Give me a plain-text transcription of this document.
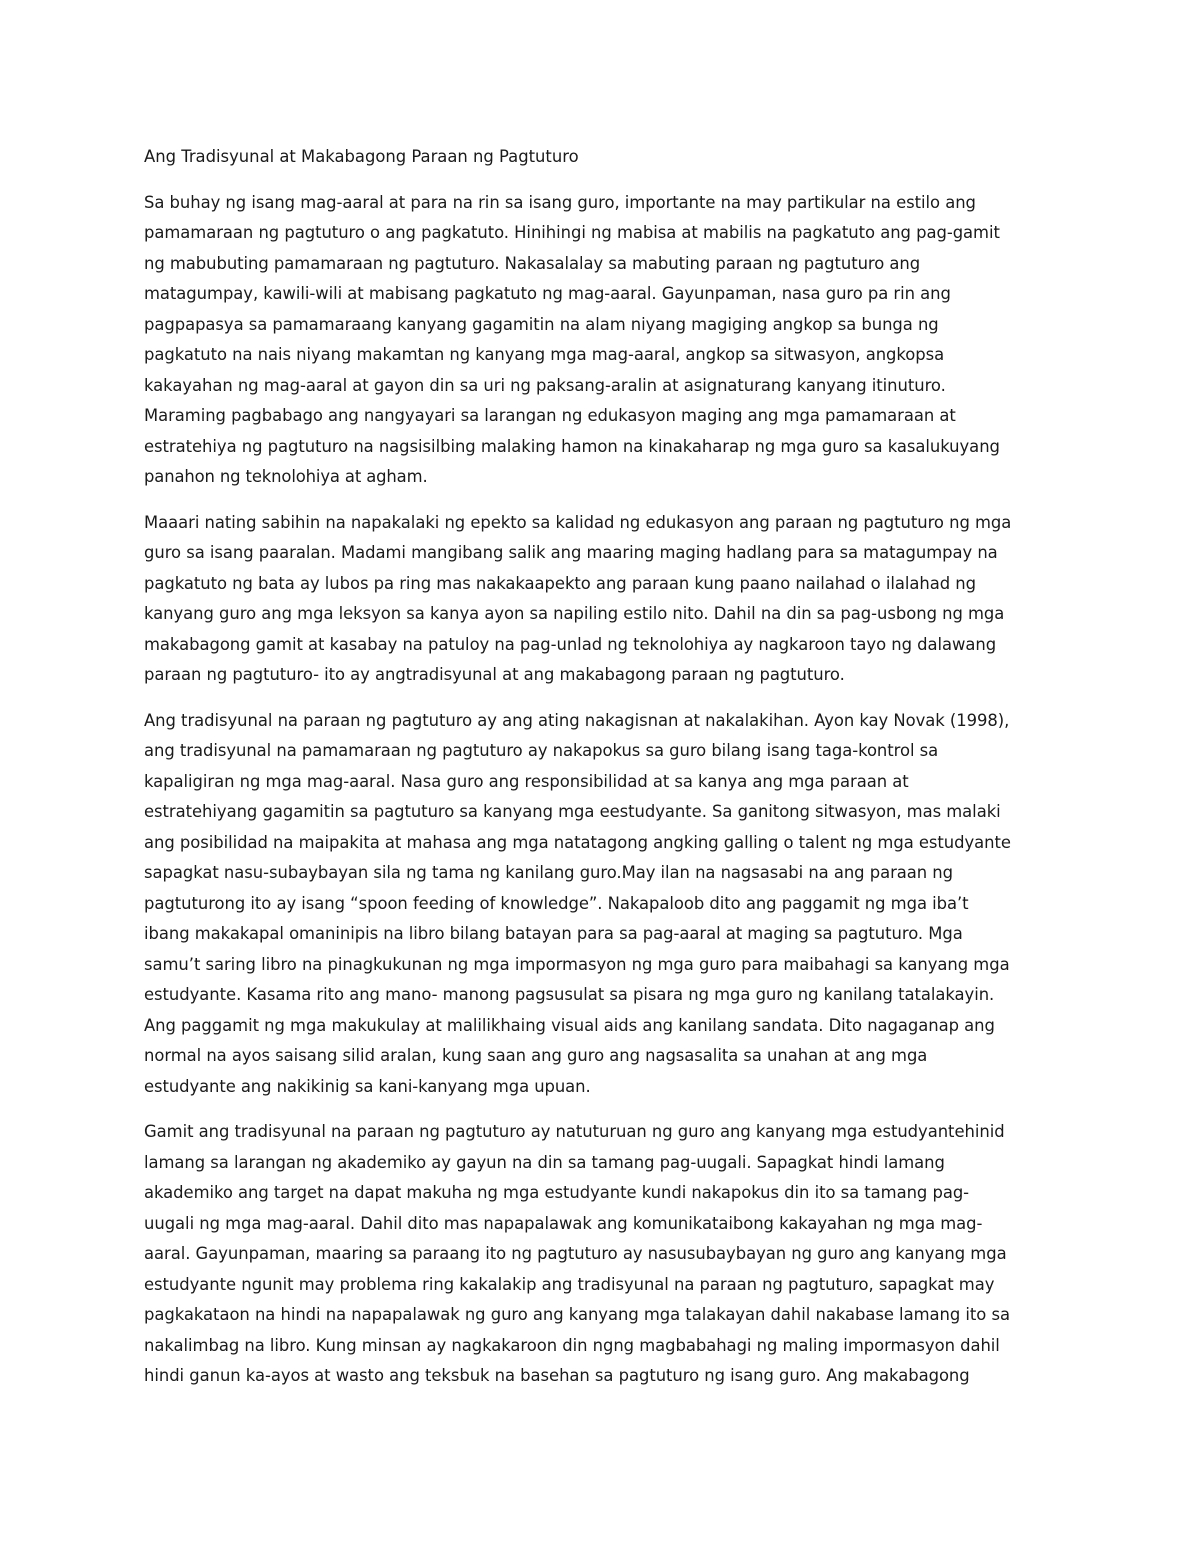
Ang Tradisyunal at Makabagong Paraan ng Pagtuturo
Sa buhay ng isang mag-aaral at para na rin sa isang guro, importante na may partikular na estilo ang
pamamaraan ng pagtuturo o ang pagkatuto. Hinihingi ng mabisa at mabilis na pagkatuto ang pag-gamit
ng mabubuting pamamaraan ng pagtuturo. Nakasalalay sa mabuting paraan ng pagtuturo ang
matagumpay, kawili-wili at mabisang pagkatuto ng mag-aaral. Gayunpaman, nasa guro pa rin ang
pagpapasya sa pamamaraang kanyang gagamitin na alam niyang magiging angkop sa bunga ng
pagkatuto na nais niyang makamtan ng kanyang mga mag-aaral, angkop sa sitwasyon, angkopsa
kakayahan ng mag-aaral at gayon din sa uri ng paksang-aralin at asignaturang kanyang itinuturo.
Maraming pagbabago ang nangyayari sa larangan ng edukasyon maging ang mga pamamaraan at
estratehiya ng pagtuturo na nagsisilbing malaking hamon na kinakaharap ng mga guro sa kasalukuyang
panahon ng teknolohiya at agham.
Maaari nating sabihin na napakalaki ng epekto sa kalidad ng edukasyon ang paraan ng pagtuturo ng mga
guro sa isang paaralan. Madami mangibang salik ang maaring maging hadlang para sa matagumpay na
pagkatuto ng bata ay lubos pa ring mas nakakaapekto ang paraan kung paano nailahad o ilalahad ng
kanyang guro ang mga leksyon sa kanya ayon sa napiling estilo nito. Dahil na din sa pag-usbong ng mga
makabagong gamit at kasabay na patuloy na pag-unlad ng teknolohiya ay nagkaroon tayo ng dalawang
paraan ng pagtuturo- ito ay angtradisyunal at ang makabagong paraan ng pagtuturo.
Ang tradisyunal na paraan ng pagtuturo ay ang ating nakagisnan at nakalakihan. Ayon kay Novak (1998),
ang tradisyunal na pamamaraan ng pagtuturo ay nakapokus sa guro bilang isang taga-kontrol sa
kapaligiran ng mga mag-aaral. Nasa guro ang responsibilidad at sa kanya ang mga paraan at
estratehiyang gagamitin sa pagtuturo sa kanyang mga eestudyante. Sa ganitong sitwasyon, mas malaki
ang posibilidad na maipakita at mahasa ang mga natatagong angking galling o talent ng mga estudyante
sapagkat nasu-subaybayan sila ng tama ng kanilang guro.May ilan na nagsasabi na ang paraan ng
pagtuturong ito ay isang “spoon feeding of knowledge”. Nakapaloob dito ang paggamit ng mga iba’t
ibang makakapal omaninipis na libro bilang batayan para sa pag-aaral at maging sa pagtuturo. Mga
samu’t saring libro na pinagkukunan ng mga impormasyon ng mga guro para maibahagi sa kanyang mga
estudyante. Kasama rito ang mano- manong pagsusulat sa pisara ng mga guro ng kanilang tatalakayin.
Ang paggamit ng mga makukulay at malilikhaing visual aids ang kanilang sandata. Dito nagaganap ang
normal na ayos saisang silid aralan, kung saan ang guro ang nagsasalita sa unahan at ang mga
estudyante ang nakikinig sa kani-kanyang mga upuan.
Gamit ang tradisyunal na paraan ng pagtuturo ay natuturuan ng guro ang kanyang mga estudyantehinid
lamang sa larangan ng akademiko ay gayun na din sa tamang pag-uugali. Sapagkat hindi lamang
akademiko ang target na dapat makuha ng mga estudyante kundi nakapokus din ito sa tamang pag-
uugali ng mga mag-aaral. Dahil dito mas napapalawak ang komunikataibong kakayahan ng mga mag-
aaral. Gayunpaman, maaring sa paraang ito ng pagtuturo ay nasusubaybayan ng guro ang kanyang mga
estudyante ngunit may problema ring kakalakip ang tradisyunal na paraan ng pagtuturo, sapagkat may
pagkakataon na hindi na napapalawak ng guro ang kanyang mga talakayan dahil nakabase lamang ito sa
nakalimbag na libro. Kung minsan ay nagkakaroon din ngng magbabahagi ng maling impormasyon dahil
hindi ganun ka-ayos at wasto ang teksbuk na basehan sa pagtuturo ng isang guro. Ang makabagong
